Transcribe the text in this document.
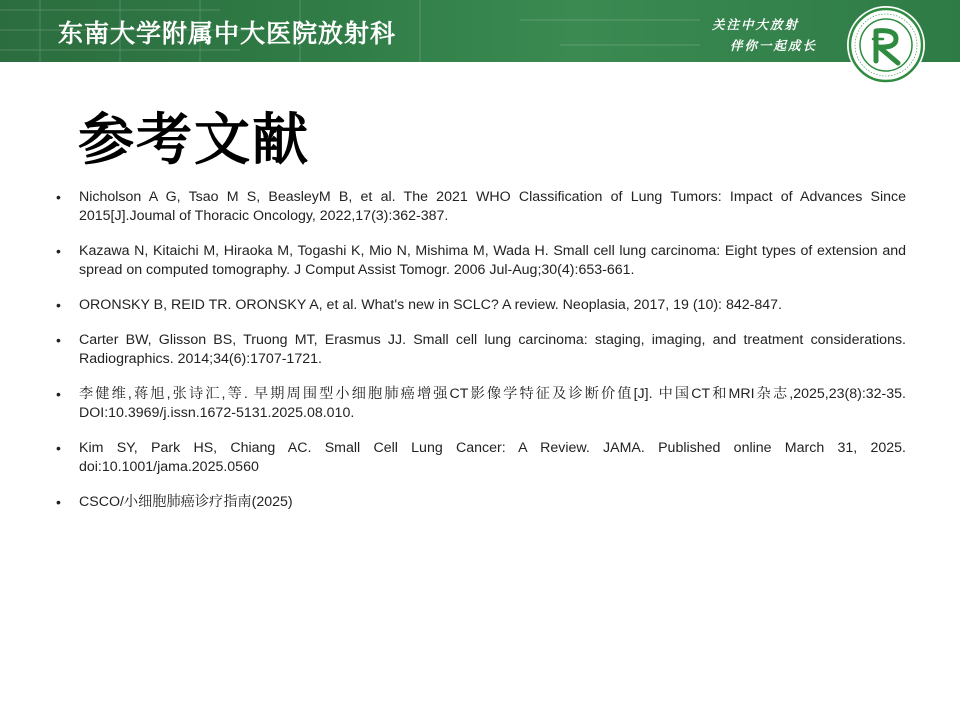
东南大学附属中大医院放射科	关注中大放射
伴你一起成长
参考文献
•	Nicholson A G, Tsao M S, BeasleyM B, et al. The 2021 WHO Classification of Lung Tumors: Impact of Advances Since 2015[J].Joumal of Thoracic Oncology, 2022,17(3):362-387.
•	Kazawa N, Kitaichi M, Hiraoka M, Togashi K, Mio N, Mishima M, Wada H. Small cell lung carcinoma: Eight types of extension and spread on computed tomography. J Comput Assist Tomogr. 2006 Jul-Aug;30(4):653-661.
•	ORONSKY B, REID TR. ORONSKY A, et al. What's new in SCLC? A review. Neoplasia, 2017, 19 (10): 842-847.
•	Carter BW, Glisson BS, Truong MT, Erasmus JJ. Small cell lung carcinoma: staging, imaging, and treatment considerations. Radiographics. 2014;34(6):1707-1721.
•	李健维,蒋旭,张诗汇,等. 早期周围型小细胞肺癌增强CT影像学特征及诊断价值[J]. 中国CT和MRI杂志,2025,23(8):32-35. DOI:10.3969/j.issn.1672-5131.2025.08.010.
•	Kim SY, Park HS, Chiang AC. Small Cell Lung Cancer: A Review. JAMA. Published online March 31, 2025. doi:10.1001/jama.2025.0560
•	CSCO/小细胞肺癌诊疗指南(2025)
